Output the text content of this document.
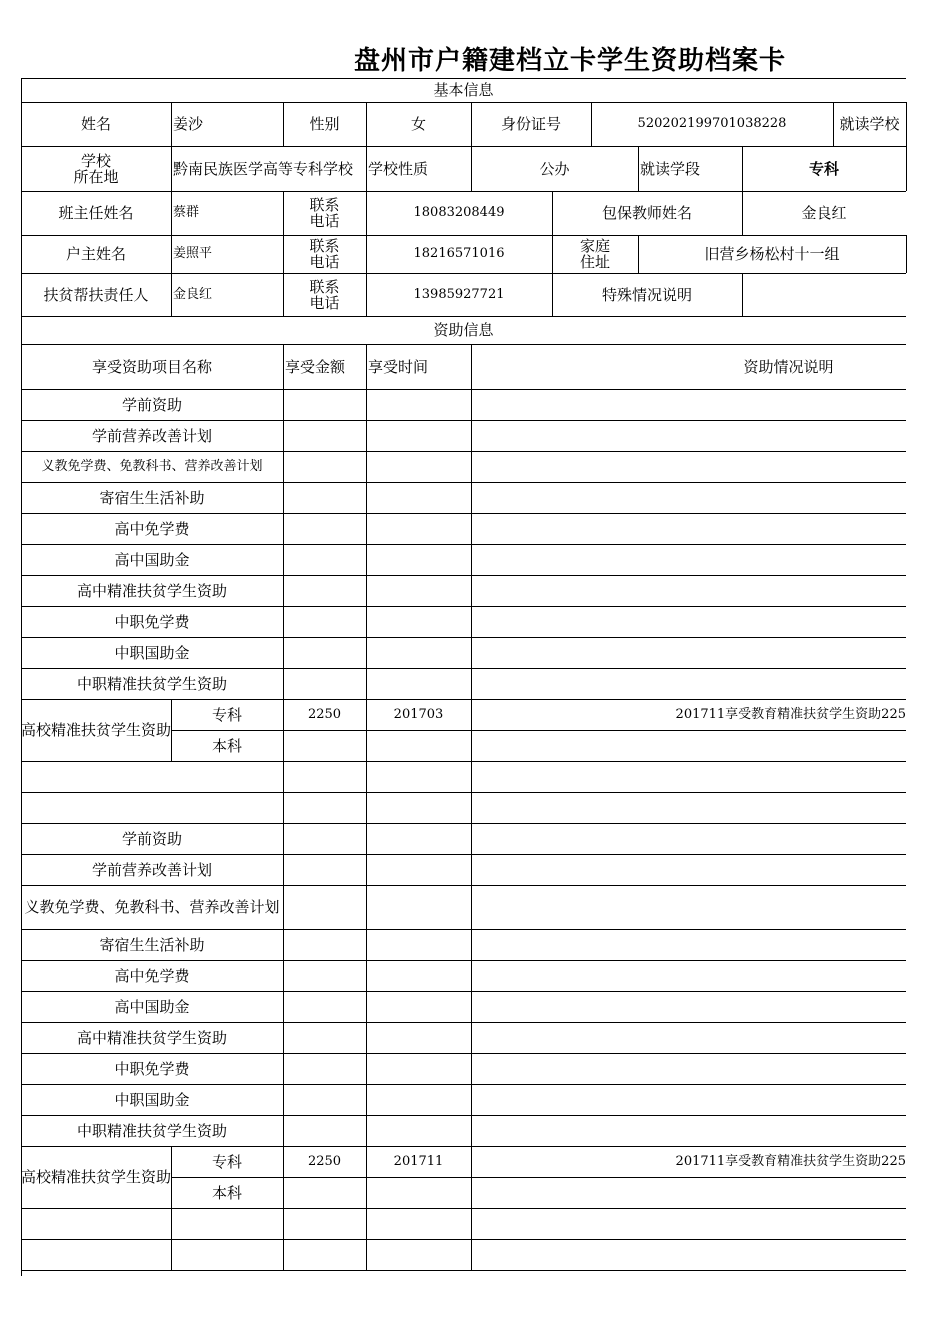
盘州市户籍建档立卡学生资助档案卡
基本信息
姓名	姜沙	性别	女	身份证号	520202199701038228	就读学校
学校
所在地	黔南民族医学高等专科学校 学校性质	公办	就读学段	专科
班主任姓名	蔡群	联系
电话	18083208449	包保教师姓名	金良红
户主姓名	姜照平	联系
电话	18216571016	家庭
住址	旧营乡杨松村十一组
扶贫帮扶责任人	金良红	联系
电话	13985927721	特殊情况说明
资助信息
享受资助项目名称	享受金额	享受时间	资助情况说明
学前资助
学前营养改善计划
义教免学费、免教科书、营养改善计划
寄宿生生活补助
高中免学费
高中国助金
高中精准扶贫学生资助
中职免学费
中职国助金
中职精准扶贫学生资助
高校精准扶贫学生资助
专科	2250	201703	201711享受教育精准扶贫学生资助225
本科
学前资助
学前营养改善计划
义教免学费、免教科书、营养改善计划
寄宿生生活补助
高中免学费
高中国助金
高中精准扶贫学生资助
中职免学费
中职国助金
中职精准扶贫学生资助
高校精准扶贫学生资助
专科	2250	201711	201711享受教育精准扶贫学生资助225
本科
